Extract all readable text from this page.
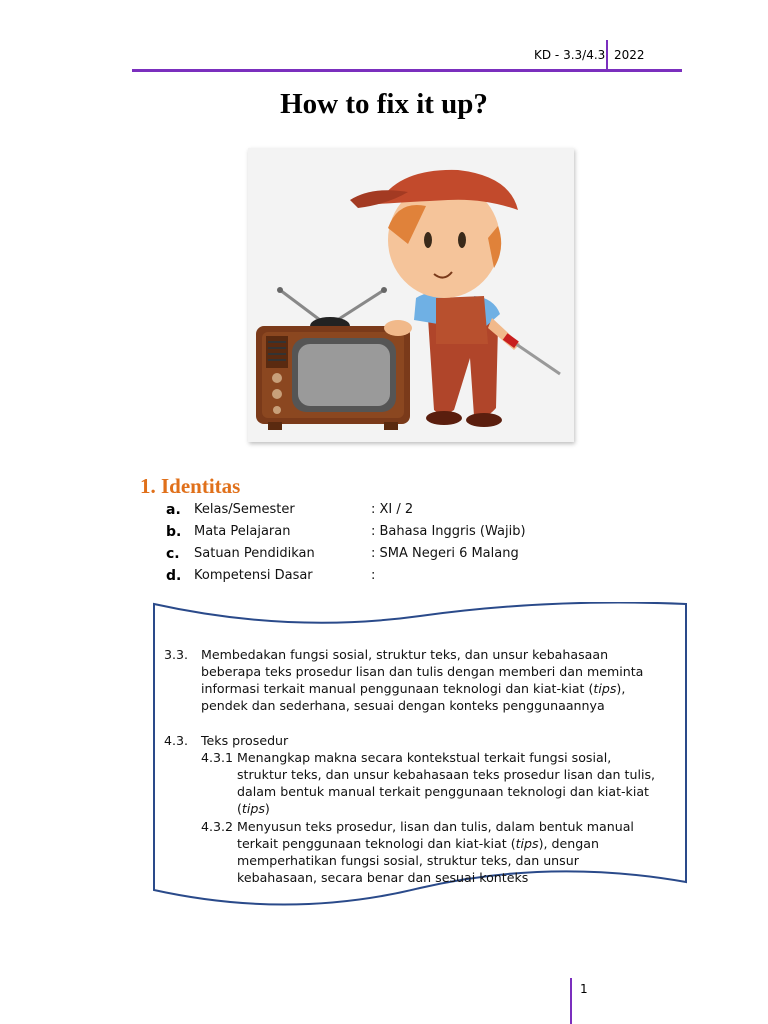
KD - 3.3/4.3 2022
How to fix it up?
1. Identitas
a. Kelas/Semester	: XI / 2
b. Mata Pelajaran	: Bahasa Inggris (Wajib)
c. Satuan Pendidikan	: SMA Negeri 6 Malang
d. Kompetensi Dasar	:
3.3. Membedakan fungsi sosial, struktur teks, dan unsur kebahasaan
beberapa teks prosedur lisan dan tulis dengan memberi dan meminta
informasi terkait manual penggunaan teknologi dan kiat-kiat (tips),
pendek dan sederhana, sesuai dengan konteks penggunaannya
4.3. Teks prosedur
4.3.1 Menangkap makna secara kontekstual terkait fungsi sosial,
struktur teks, dan unsur kebahasaan teks prosedur lisan dan tulis,
dalam bentuk manual terkait penggunaan teknologi dan kiat-kiat
(tips)
4.3.2 Menyusun teks prosedur, lisan dan tulis, dalam bentuk manual
terkait penggunaan teknologi dan kiat-kiat (tips), dengan
memperhatikan fungsi sosial, struktur teks, dan unsur
kebahasaan, secara benar dan sesuai konteks
1
